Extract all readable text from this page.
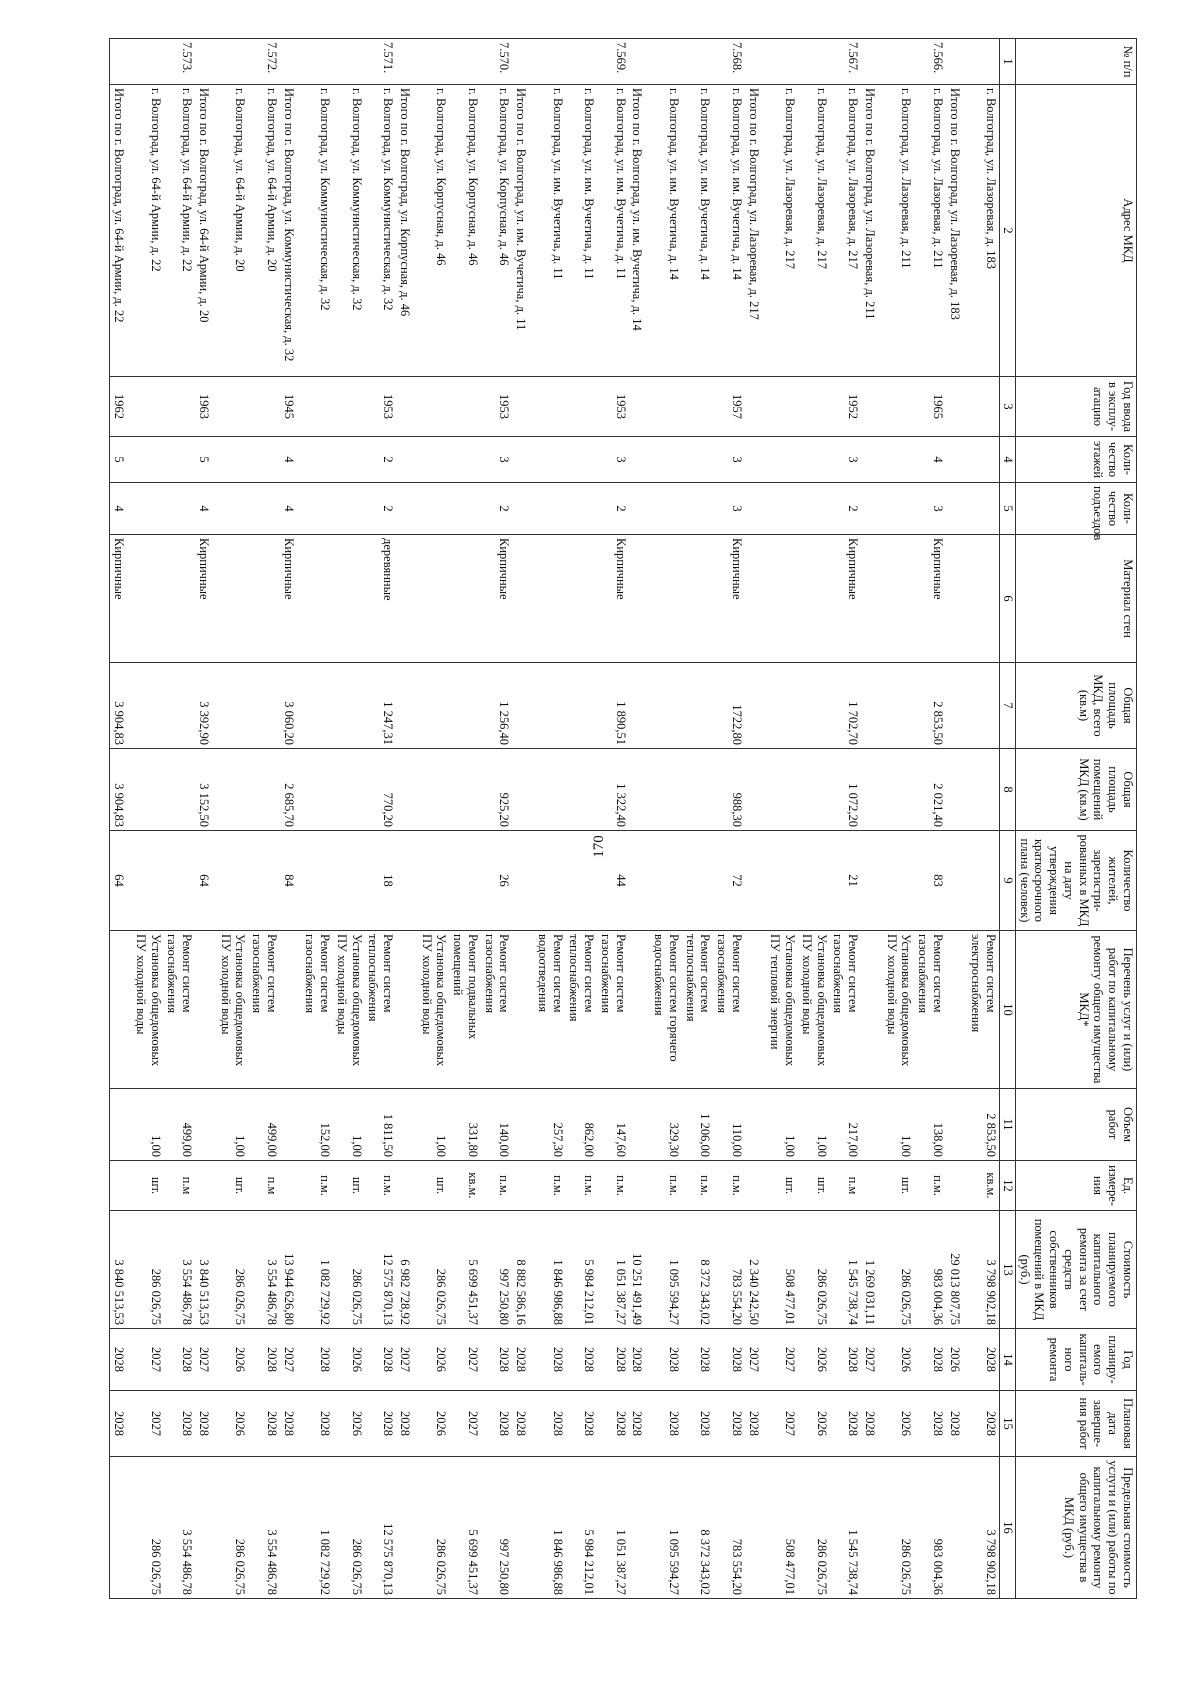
170
№ п/п	Адрес МКД	Год ввода в эксплу-атацию	Коли-чество этажей	Коли-чество подъездов	Материал стен	Общая площадь МКД, всего (кв.м)	Общая площадь помещений МКД (кв.м)	Количество жителей, зарегистри-рованных в МКД на дату утверждения краткосрочного плана (человек)	Перечень услуг и (или) работ по капитальному ремонту общего имущества МКД*	Объем работ	Ед. измере-ния	Стоимость планируемого капитального ремонта за счет средств собственников помещений в МКД (руб.)	Год планиру-емого капиталь-ного ремонта	Плановая дата заверше-ния работ	Предельная стоимость услуги и (или) работы по капитальному ремонту общего имущества в МКД (руб.)
1	2	3	4	5	6	7	8	9	10	11	12	13	14	15	16
	г. Волгоград, ул. Лазоревая, д. 183								Ремонт систем электроснабжения	2 853,50	кв.м.	3 798 902,18	2028	2028	3 798 902,18
	Итого по г. Волгоград, ул. Лазоревая, д. 183											29 013 807,75	2026	2028	
7.566.	г. Волгоград, ул. Лазоревая, д. 211	1965	4	3	Кирпичные	2 853,50	2 021,40	83	Ремонт систем газоснабжения	138,00	п.м.	983 004,36	2028	2028	983 004,36
	г. Волгоград, ул. Лазоревая, д. 211								Установка общедомовых ПУ холодной воды	1,00	шт.	286 026,75	2026	2026	286 026,75
	Итого по г. Волгоград, ул. Лазоревая, д. 211											1 269 031,11	2027	2028	
7.567.	г. Волгоград, ул. Лазоревая, д. 217	1952	3	2	Кирпичные	1 702,70	1 072,20	21	Ремонт систем газоснабжения	217,00	п.м	1 545 738,74	2028	2028	1 545 738,74
	г. Волгоград, ул. Лазоревая, д. 217								Установка общедомовых ПУ холодной воды	1,00	шт.	286 026,75	2026	2026	286 026,75
	г. Волгоград, ул. Лазоревая, д. 217								Установка общедомовых ПУ тепловой энергии	1,00	шт.	508 477,01	2027	2027	508 477,01
	Итого по г. Волгоград, ул. Лазоревая, д. 217											2 340 242,50	2027	2028	
7.568.	г. Волгоград, ул. им. Вучетича, д. 14	1957	3	3	Кирпичные	1722,80	988,30	72	Ремонт систем газоснабжения	110,00	п.м.	783 554,20	2028	2028	783 554,20
	г. Волгоград, ул. им. Вучетича, д. 14								Ремонт систем теплоснабжения	1 206,00	п.м.	8 372 343,02	2028	2028	8 372 343,02
	г. Волгоград, ул. им. Вучетича, д. 14								Ремонт систем горячего водоснабжения	329,30	п.м.	1 095 594,27	2028	2028	1 095 594,27
	Итого по г. Волгоград, ул. им. Вучетича, д. 14											10 251 491,49	2028	2028	
7.569.	г. Волгоград, ул. им. Вучетича, д. 11	1953	3	2	Кирпичные	1 890,51	1 322,40	44	Ремонт систем газоснабжения	147,60	п.м.	1 051 387,27	2028	2028	1 051 387,27
	г. Волгоград, ул. им. Вучетича, д. 11								Ремонт систем теплоснабжения	862,00	п.м.	5 984 212,01	2028	2028	5 984 212,01
	г. Волгоград, ул. им. Вучетича, д. 11								Ремонт систем водоотведения	257,30	п.м.	1 846 986,88	2028	2028	1 846 986,88
	Итого по г. Волгоград, ул. им. Вучетича, д. 11											8 882 586,16	2028	2028	
7.570.	г. Волгоград, ул. Корпусная, д. 46	1953	3	2	Кирпичные	1 256,40	925,20	26	Ремонт систем газоснабжения	140,00	п.м.	997 250,80	2028	2028	997 250,80
	г. Волгоград, ул. Корпусная, д. 46								Ремонт подвальных помещений	331,80	кв.м.	5 699 451,37	2027	2027	5 699 451,37
	г. Волгоград, ул. Корпусная, д. 46								Установка общедомовых ПУ холодной воды	1,00	шт.	286 026,75	2026	2026	286 026,75
	Итого по г. Волгоград, ул. Корпусная, д. 46											6 982 728,92	2027	2028	
7.571.	г. Волгоград, ул. Коммунистическая, д. 32	1953	2	2	деревянные	1 247,31	770,20	18	Ремонт систем теплоснабжения	1 811,50	п.м.	12 575 870,13	2028	2028	12 575 870,13
	г. Волгоград, ул. Коммунистическая, д. 32								Установка общедомовых ПУ холодной воды	1,00	шт.	286 026,75	2026	2026	286 026,75
	г. Волгоград, ул. Коммунистическая, д. 32								Ремонт систем газоснабжения	152,00	п.м.	1 082 729,92	2028	2028	1 082 729,92
	Итого по г. Волгоград, ул. Коммунистическая, д. 32	1945	4	4	Кирпичные	3 060,20	2 685,70	84				13 944 626,80	2027	2028	
7.572.	г. Волгоград, ул. 64-й Армии, д. 20								Ремонт систем газоснабжения	499,00	п.м	3 554 486,78	2028	2028	3 554 486,78
	г. Волгоград, ул. 64-й Армии, д. 20								Установка общедомовых ПУ холодной воды	1,00	шт.	286 026,75	2026	2026	286 026,75
	Итого по г. Волгоград, ул. 64-й Армии, д. 20	1963	5	4	Кирпичные	3 392,90	3 152,50	64				3 840 513,53	2027	2028	
7.573.	г. Волгоград, ул. 64-й Армии, д. 22								Ремонт систем газоснабжения	499,00	п.м	3 554 486,78	2028	2028	3 554 486,78
	г. Волгоград, ул. 64-й Армии, д. 22								Установка общедомовых ПУ холодной воды	1,00	шт.	286 026,75	2027	2027	286 026,75
	Итого по г. Волгоград, ул. 64-й Армии, д. 22	1962	5	4	Кирпичные	3 904,83	3 904,83	64				3 840 513,53	2028	2028	
